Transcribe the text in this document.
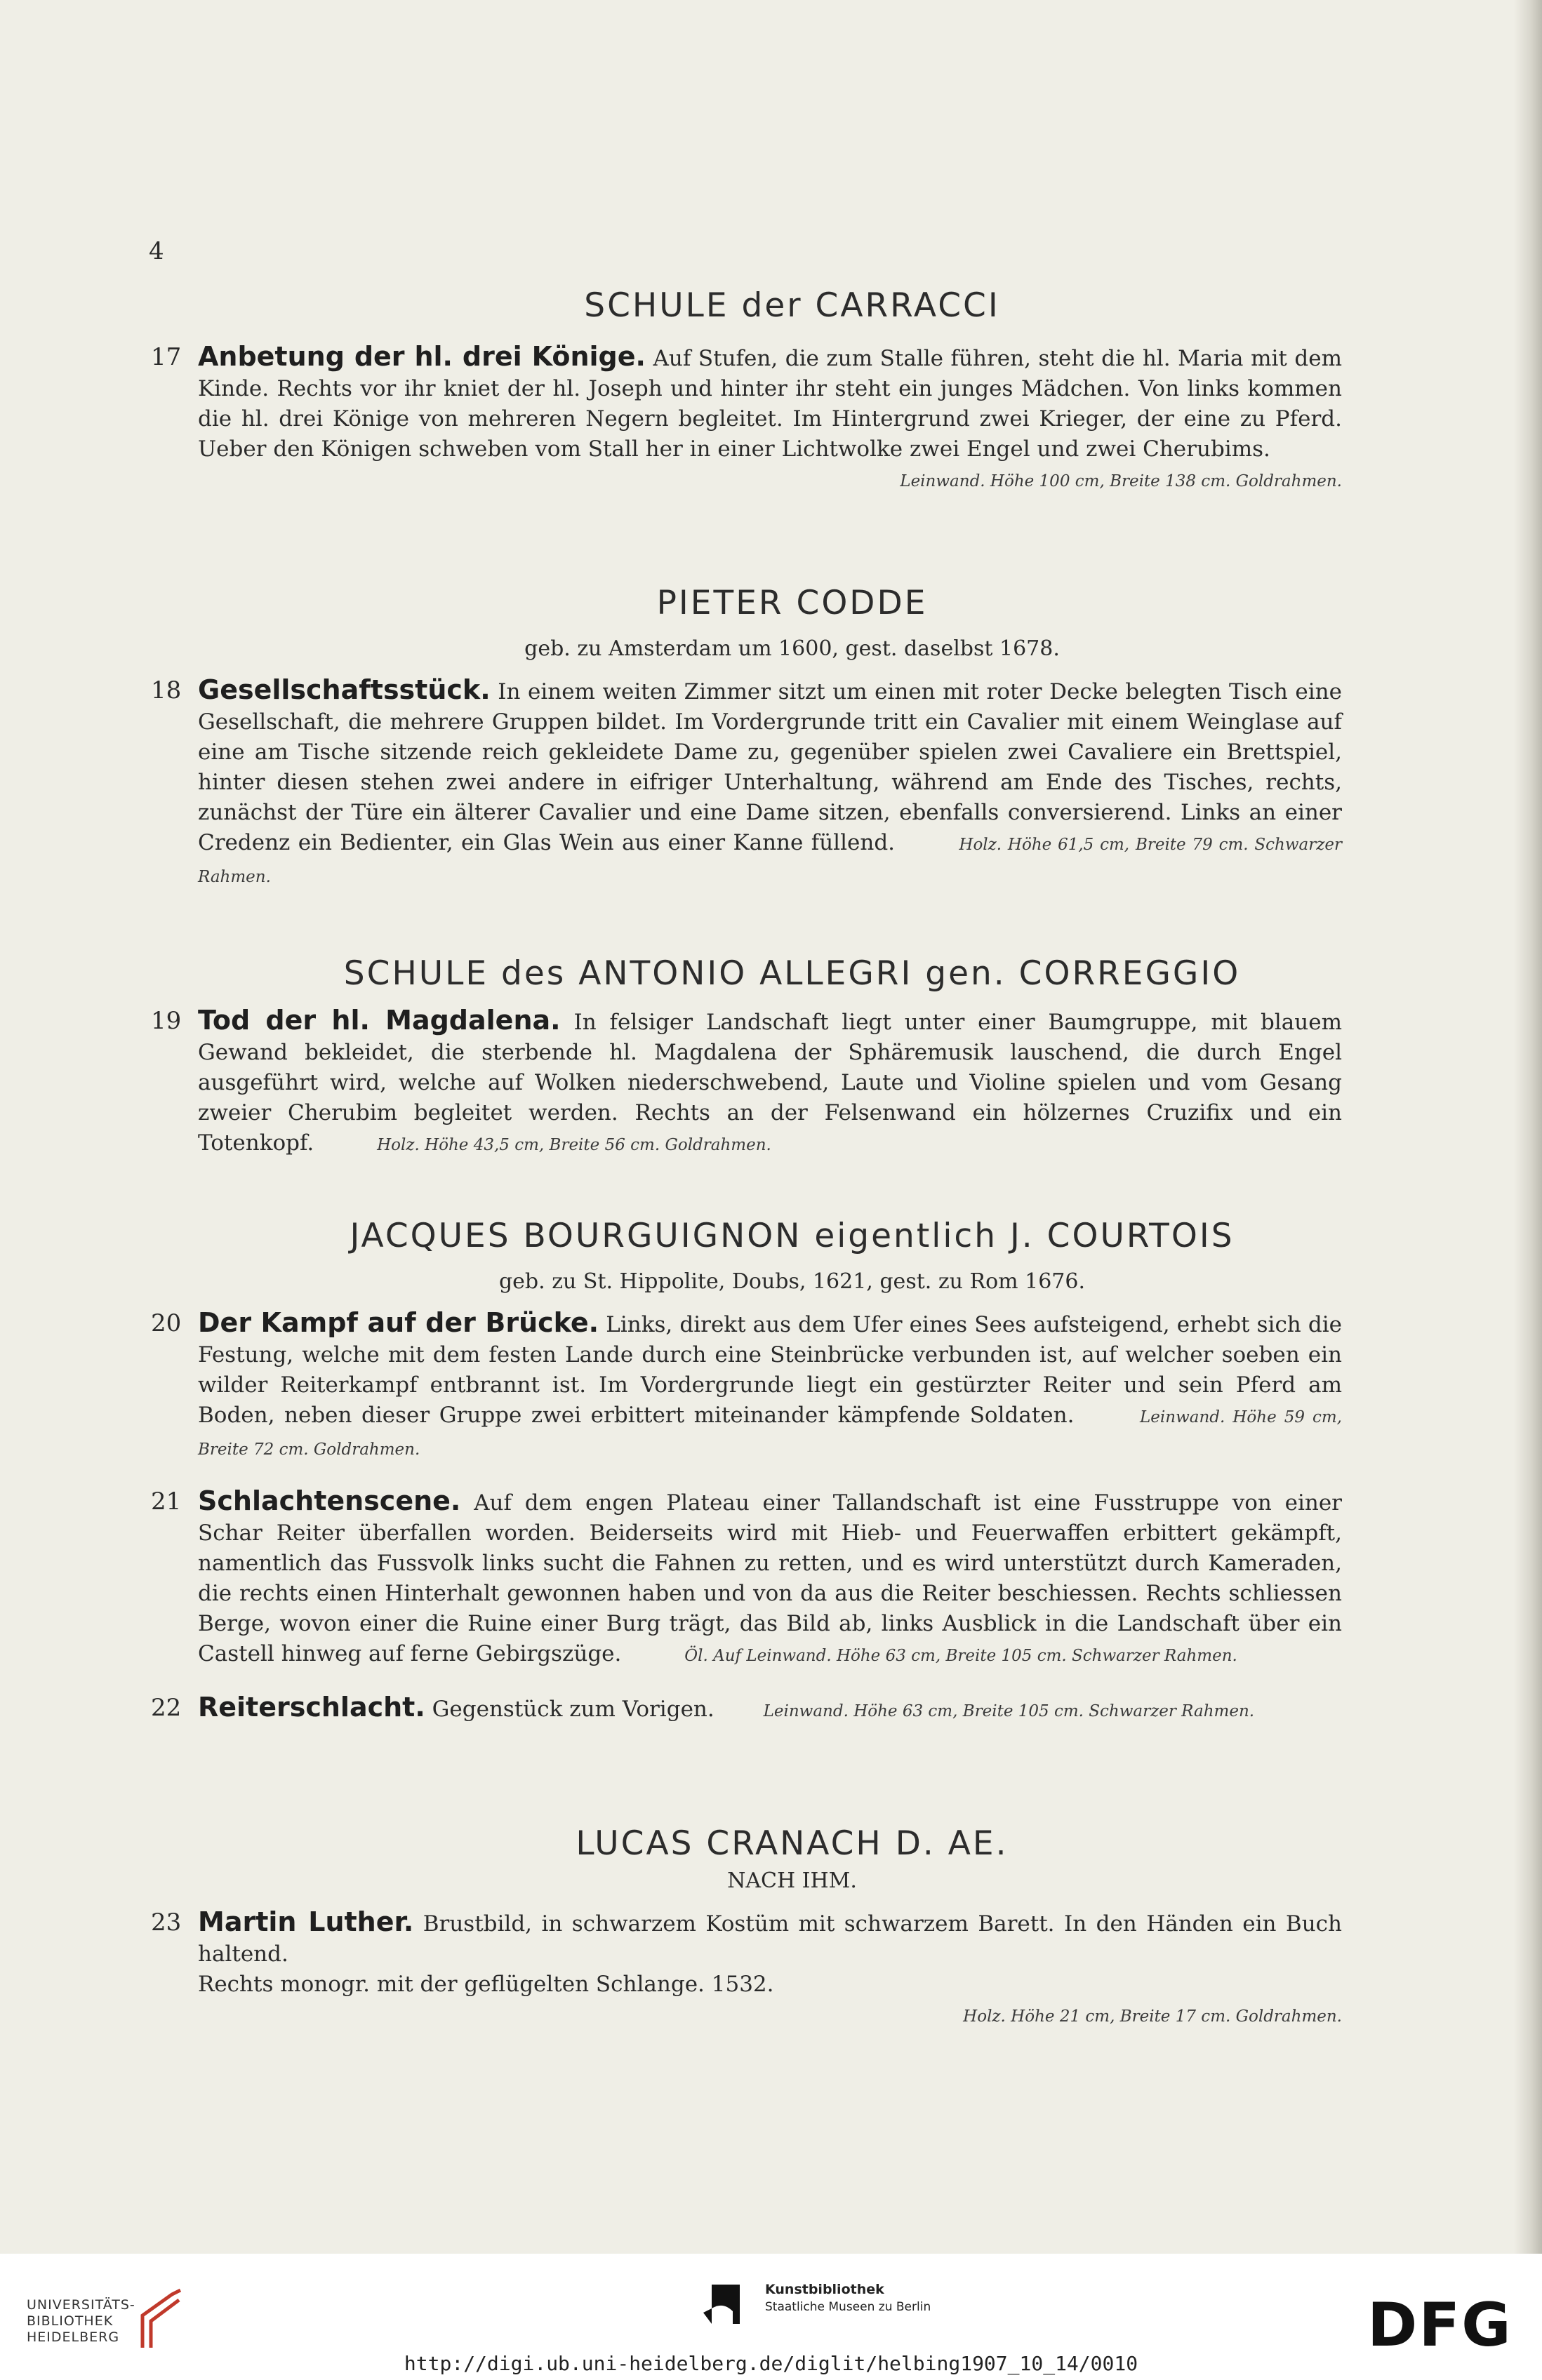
4
SCHULE der CARRACCI
17 Anbetung der hl. drei Könige. Auf Stufen, die zum Stalle führen, steht die hl. Maria mit dem Kinde. Rechts vor ihr kniet der hl. Joseph und hinter ihr steht ein junges Mädchen. Von links kommen die hl. drei Könige von mehreren Negern begleitet. Im Hintergrund zwei Krieger, der eine zu Pferd. Ueber den Königen schweben vom Stall her in einer Lichtwolke zwei Engel und zwei Cherubims.
Leinwand. Höhe 100 cm, Breite 138 cm. Goldrahmen.
PIETER CODDE
geb. zu Amsterdam um 1600, gest. daselbst 1678.
18 Gesellschaftsstück. In einem weiten Zimmer sitzt um einen mit roter Decke belegten Tisch eine Gesellschaft, die mehrere Gruppen bildet. Im Vordergrunde tritt ein Cavalier mit einem Weinglase auf eine am Tische sitzende reich gekleidete Dame zu, gegenüber spielen zwei Cavaliere ein Brettspiel, hinter diesen stehen zwei andere in eifriger Unterhaltung, während am Ende des Tisches, rechts, zunächst der Türe ein älterer Cavalier und eine Dame sitzen, ebenfalls conversierend. Links an einer Credenz ein Bedienter, ein Glas Wein aus einer Kanne füllend.	Holz. Höhe 61,5 cm, Breite 79 cm. Schwarzer Rahmen.
SCHULE des ANTONIO ALLEGRI gen. CORREGGIO
19 Tod der hl. Magdalena. In felsiger Landschaft liegt unter einer Baumgruppe, mit blauem Gewand bekleidet, die sterbende hl. Magdalena der Sphäremusik lauschend, die durch Engel ausgeführt wird, welche auf Wolken niederschwebend, Laute und Violine spielen und vom Gesang zweier Cherubim begleitet werden. Rechts an der Felsenwand ein hölzernes Cruzifix und ein Totenkopf.	Holz. Höhe 43,5 cm, Breite 56 cm. Goldrahmen.
JACQUES BOURGUIGNON eigentlich J. COURTOIS
geb. zu St. Hippolite, Doubs, 1621, gest. zu Rom 1676.
20 Der Kampf auf der Brücke. Links, direkt aus dem Ufer eines Sees aufsteigend, erhebt sich die Festung, welche mit dem festen Lande durch eine Steinbrücke verbunden ist, auf welcher soeben ein wilder Reiterkampf entbrannt ist. Im Vordergrunde liegt ein gestürzter Reiter und sein Pferd am Boden, neben dieser Gruppe zwei erbittert miteinander kämpfende Soldaten.	Leinwand. Höhe 59 cm, Breite 72 cm. Goldrahmen.
21 Schlachtenscene. Auf dem engen Plateau einer Tallandschaft ist eine Fusstruppe von einer Schar Reiter überfallen worden. Beiderseits wird mit Hieb- und Feuerwaffen erbittert gekämpft, namentlich das Fussvolk links sucht die Fahnen zu retten, und es wird unterstützt durch Kameraden, die rechts einen Hinterhalt gewonnen haben und von da aus die Reiter beschiessen. Rechts schliessen Berge, wovon einer die Ruine einer Burg trägt, das Bild ab, links Ausblick in die Landschaft über ein Castell hinweg auf ferne Gebirgszüge.	Öl. Auf Leinwand. Höhe 63 cm, Breite 105 cm. Schwarzer Rahmen.
22 Reiterschlacht. Gegenstück zum Vorigen.	Leinwand. Höhe 63 cm, Breite 105 cm. Schwarzer Rahmen.
LUCAS CRANACH D. AE.
NACH IHM.
23 Martin Luther. Brustbild, in schwarzem Kostüm mit schwarzem Barett. In den Händen ein Buch haltend.
Rechts monogr. mit der geflügelten Schlange. 1532.
Holz. Höhe 21 cm, Breite 17 cm. Goldrahmen.
UNIVERSITÄTS-
BIBLIOTHEK
HEIDELBERG
Kunstbibliothek
Staatliche Museen zu Berlin	DFG
http://digi.ub.uni-heidelberg.de/diglit/helbing1907_10_14/0010
